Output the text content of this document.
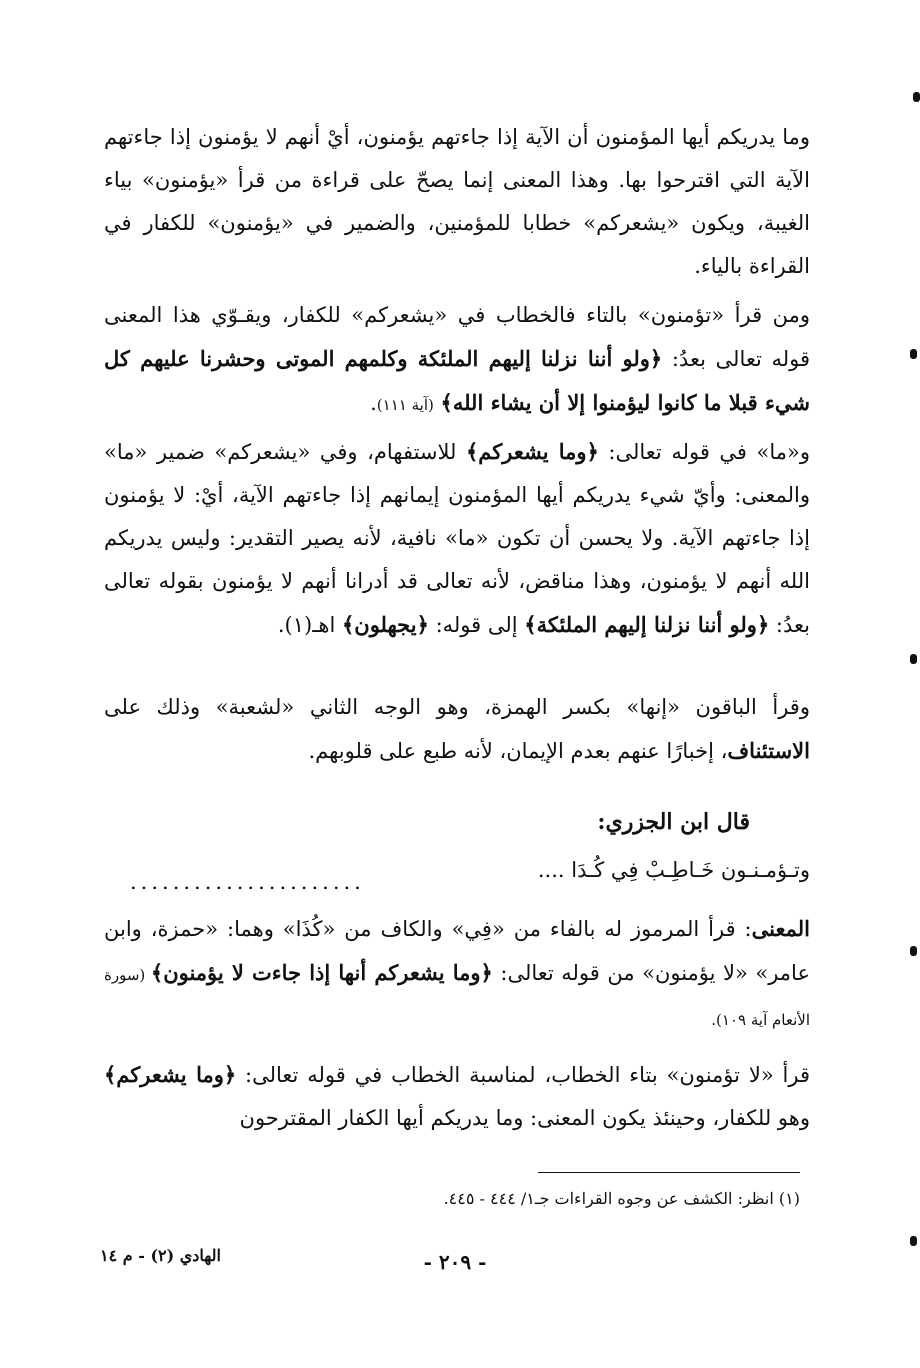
وما يدريكم أيها المؤمنون أن الآية إذا جاءتهم يؤمنون، أيْ أنهم لا يؤمنون إذا جاءتهم الآية التي اقترحوا بها. وهذا المعنى إنما يصحّ على قراءة من قرأ «يؤمنون» بياء الغيبة، ويكون «يشعركم» خطابا للمؤمنين، والضمير في «يؤمنون» للكفار في القراءة بالياء.

ومن قرأ «تؤمنون» بالتاء فالخطاب في «يشعركم» للكفار، ويقـوّي هذا المعنى قوله تعالى بعدُ: ﴿ولو أننا نزلنا إليهم الملئكة وكلمهم الموتى وحشرنا عليهم كل شيء قبلا ما كانوا ليؤمنوا إلا أن يشاء الله﴾ (آية ١١١).

و«ما» في قوله تعالى: ﴿وما يشعركم﴾ للاستفهام، وفي «يشعركم» ضمير «ما» والمعنى: وأيّ شيء يدريكم أيها المؤمنون إيمانهم إذا جاءتهم الآية، أيْ: لا يؤمنون إذا جاءتهم الآية. ولا يحسن أن تكون «ما» نافية، لأنه يصير التقدير: وليس يدريكم الله أنهم لا يؤمنون، وهذا مناقض، لأنه تعالى قد أدرانا أنهم لا يؤمنون بقوله تعالى بعدُ: ﴿ولو أننا نزلنا إليهم الملئكة﴾ إلى قوله: ﴿يجهلون﴾ اهـ(١).

وقرأ الباقون «إنها» بكسر الهمزة، وهو الوجه الثاني «لشعبة» وذلك على الاستئناف، إخبارًا عنهم بعدم الإيمان، لأنه طبع على قلوبهم.

قال ابن الجزري:
وتـؤمـنـون خَـاطِـبْ فِي كُـدَا ....
......................

المعنى: قرأ المرموز له بالفاء من «فِي» والكاف من «كُذَا» وهما: «حمزة، وابن عامر» «لا يؤمنون» من قوله تعالى: ﴿وما يشعركم أنها إذا جاءت لا يؤمنون﴾ (سورة الأنعام آية ١٠٩).

قرأ «لا تؤمنون» بتاء الخطاب، لمناسبة الخطاب في قوله تعالى: ﴿وما يشعركم﴾ وهو للكفار، وحينئذ يكون المعنى: وما يدريكم أيها الكفار المقترحون

(١) انظر: الكشف عن وجوه القراءات جـ١/ ٤٤٤ - ٤٤٥.
- ٢٠٩ -
الهادي (٢) - م ١٤
